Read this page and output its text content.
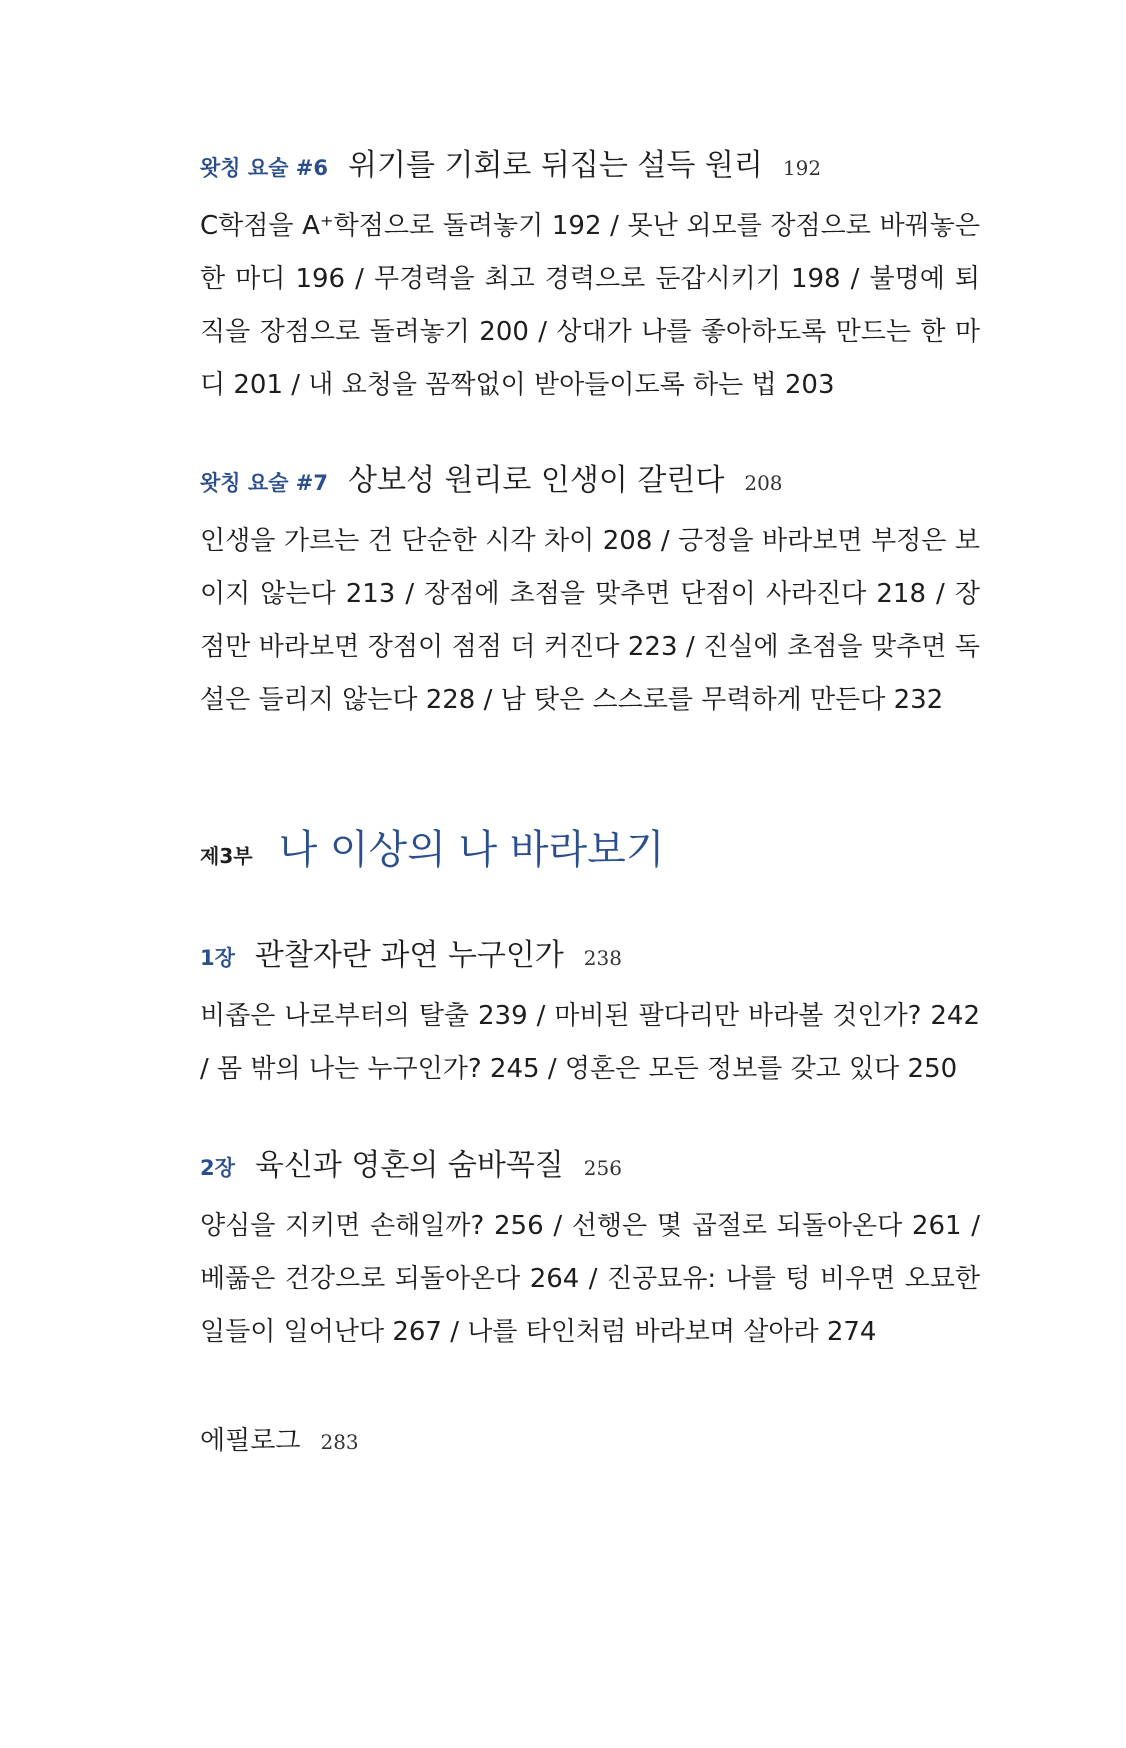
왓칭 요술 #6 위기를 기회로 뒤집는 설득 원리 192

C학점을 A⁺학점으로 돌려놓기 192 / 못난 외모를 장점으로 바꿔놓은 한 마디 196 / 무경력을 최고 경력으로 둔갑시키기 198 / 불명예 퇴직을 장점으로 돌려놓기 200 / 상대가 나를 좋아하도록 만드는 한 마디 201 / 내 요청을 꼼짝없이 받아들이도록 하는 법 203

왓칭 요술 #7 상보성 원리로 인생이 갈린다 208

인생을 가르는 건 단순한 시각 차이 208 / 긍정을 바라보면 부정은 보이지 않는다 213 / 장점에 초점을 맞추면 단점이 사라진다 218 / 장점만 바라보면 장점이 점점 더 커진다 223 / 진실에 초점을 맞추면 독설은 들리지 않는다 228 / 남 탓은 스스로를 무력하게 만든다 232

제3부 나 이상의 나 바라보기
1장 관찰자란 과연 누구인가 238

비좁은 나로부터의 탈출 239 / 마비된 팔다리만 바라볼 것인가? 242 / 몸 밖의 나는 누구인가? 245 / 영혼은 모든 정보를 갖고 있다 250

2장 육신과 영혼의 숨바꼭질 256

양심을 지키면 손해일까? 256 / 선행은 몇 곱절로 되돌아온다 261 / 베풂은 건강으로 되돌아온다 264 / 진공묘유: 나를 텅 비우면 오묘한 일들이 일어난다 267 / 나를 타인처럼 바라보며 살아라 274

에필로그 283
